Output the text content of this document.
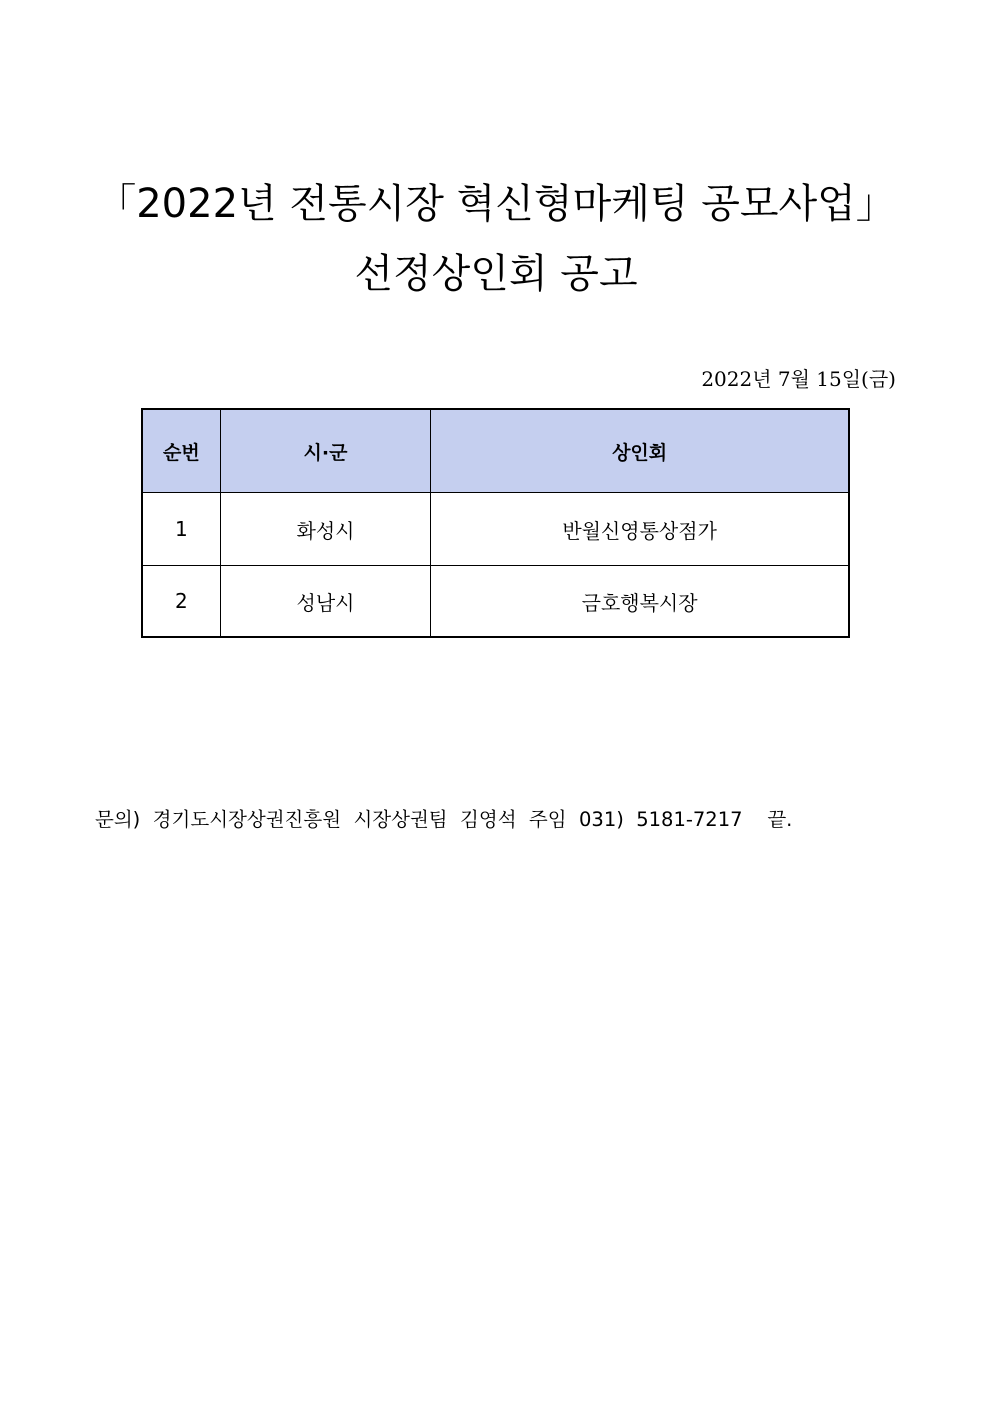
「2022년 전통시장 혁신형마케팅 공모사업」
선정상인회 공고
2022년 7월 15일(금)
순번	시·군	상인회
1	화성시	반월신영통상점가
2	성남시	금호행복시장
문의)  경기도시장상권진흥원  시장상권팀  김영석  주임  031)  5181-7217 끝.
